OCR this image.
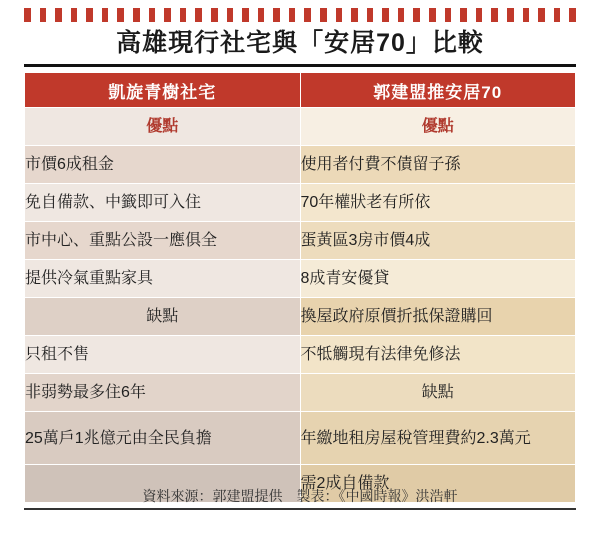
高雄現行社宅與「安居70」比較
凱旋青樹社宅	郭建盟推安居70
優點	優點
市價6成租金	使用者付費不債留子孫
免自備款、中籤即可入住	70年權狀老有所依
市中心、重點公設一應俱全	蛋黃區3房市價4成
提供冷氣重點家具	8成青安優貸
缺點	換屋政府原價折抵保證購回
只租不售	不牴觸現有法律免修法
非弱勢最多住6年	缺點
25萬戶1兆億元由全民負擔	年繳地租房屋稅管理費約2.3萬元
	需2成自備款
資料來源：郭建盟提供　製表：《中國時報》洪浩軒
